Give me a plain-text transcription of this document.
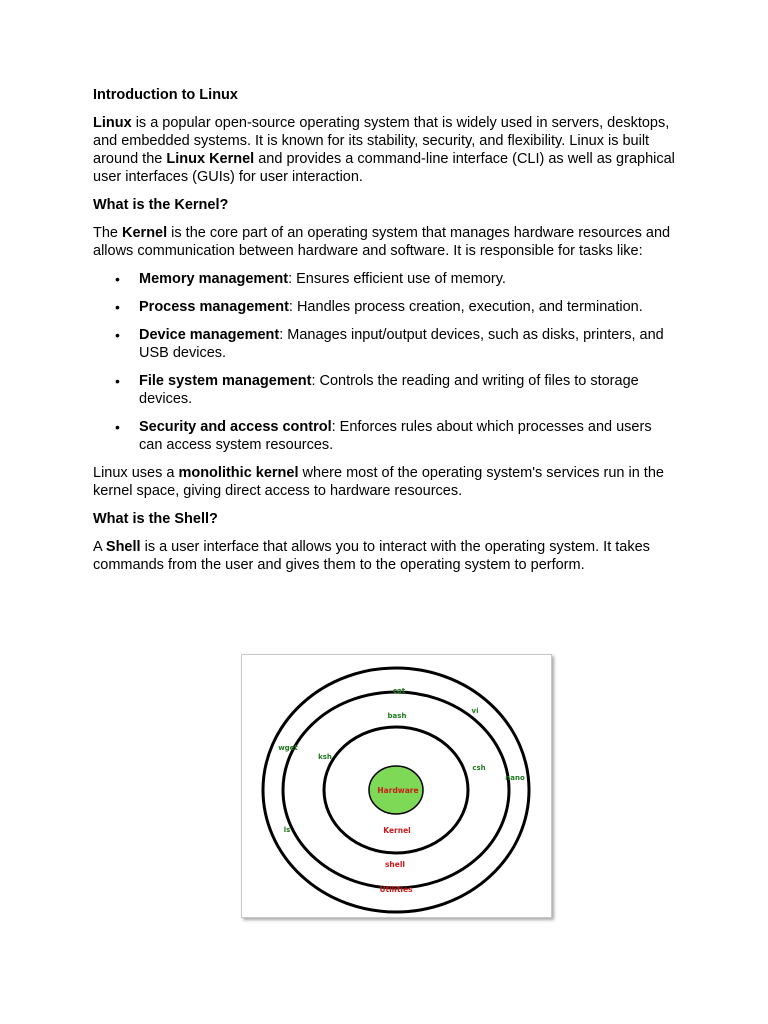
Introduction to Linux

Linux is a popular open-source operating system that is widely used in servers, desktops, and embedded systems. It is known for its stability, security, and flexibility. Linux is built around the Linux Kernel and provides a command-line interface (CLI) as well as graphical user interfaces (GUIs) for user interaction.

What is the Kernel?

The Kernel is the core part of an operating system that manages hardware resources and allows communication between hardware and software. It is responsible for tasks like:

• Memory management: Ensures efficient use of memory.
• Process management: Handles process creation, execution, and termination.
• Device management: Manages input/output devices, such as disks, printers, and USB devices.
• File system management: Controls the reading and writing of files to storage devices.
• Security and access control: Enforces rules about which processes and users can access system resources.

Linux uses a monolithic kernel where most of the operating system's services run in the kernel space, giving direct access to hardware resources.

What is the Shell?

A Shell is a user interface that allows you to interact with the operating system. It takes commands from the user and gives them to the operating system to perform.

Hardware
Kernel
shell
Utilities
cat
bash
vi
wget
ksh
csh
nano
ls
